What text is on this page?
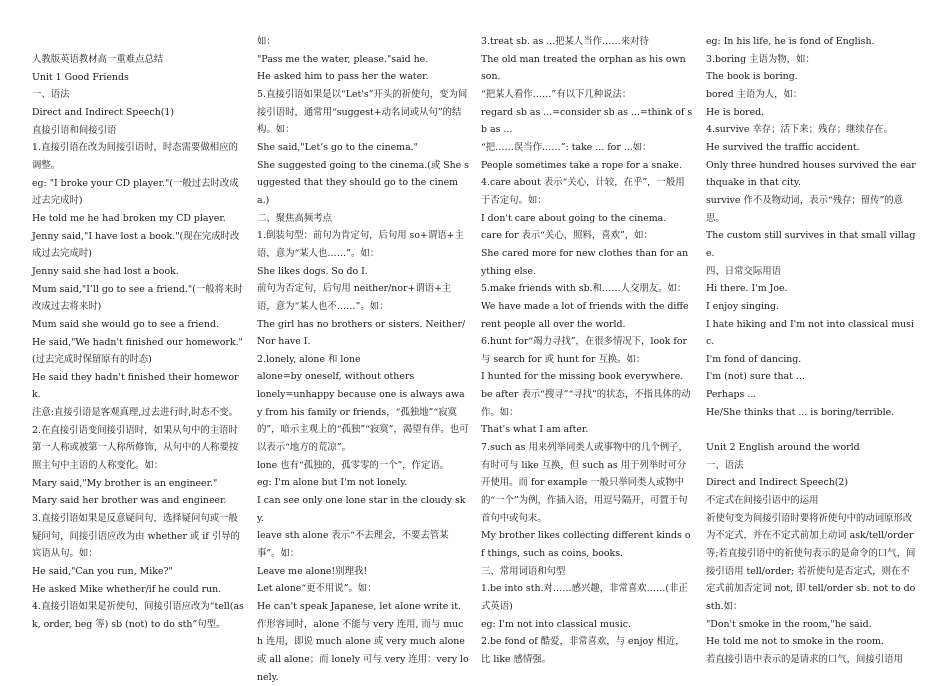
人教版英语教材高一重难点总结

Unit 1 Good Friends

一、语法

Direct and Indirect Speech(1)

直接引语和间接引语

1.直接引语在改为间接引语时，时态需要做相应的调整。

eg: "I broke your CD player."(一般过去时改成过去完成时)

He told me he had broken my CD player.

Jenny said,"I have lost a book."(现在完成时改成过去完成时)

Jenny said she had lost a book.

Mum said,"I’ll go to see a friend."(一般将来时改成过去将来时)

Mum said she would go to see a friend.

He said,"We hadn't finished our homework."(过去完成时保留原有的时态)

He said they hadn't finished their homework.

注意:直接引语是客观真理,过去进行时,时态不变。

2.在直接引语变间接引语时，如果从句中的主语时第一人称或被第一人称所修饰，从句中的人称要按照主句中主语的人称变化。如：

Mary said,"My brother is an engineer."

Mary said her brother was and engineer.

3.直接引语如果是反意疑问句，选择疑问句或一般疑问句，间接引语应改为由 whether 或 if 引导的宾语从句。如：

He said,"Can you run, Mike?"

He asked Mike whether/if he could run.

4.直接引语如果是祈使句，间接引语应改为“tell(ask, order, beg 等) sb (not) to do sth”句型。

如：

"Pass me the water, please."said he.

He asked him to pass her the water.

5.直接引语如果是以“Let's”开头的祈使句，变为间接引语时，通常用“suggest+动名词或从句”的结构。如：

She said,"Let’s go to the cinema."

She suggested going to the cinema.(或 She suggested that they should go to the cinema.)

二、聚焦高频考点

1.倒装句型：前句为肯定句，后句用 so+谓语+主语，意为“某人也……”。如：

She likes dogs. So do I.

前句为否定句，后句用 neither/nor+谓语+主语，意为“某人也不……”。如：

The girl has no brothers or sisters. Neither/Nor have I.

2.lonely, alone 和 lone

alone=by oneself, without others

lonely=unhappy because one is always away from his family or friends，“孤独地”“寂寞的”，暗示主观上的“孤独”“寂寞”，渴望有伴。也可以表示“地方的荒凉”。

lone 也有“孤独的，孤零零的一个”，作定语。

eg: I'm alone but I'm not lonely.

I can see only one lone star in the cloudy sky.

leave sth alone 表示“不去理会，不要去管某事”。如：

Leave me alone!别理我!

Let alone“更不用说”。如：

He can't speak Japanese, let alone write it.

作形容词时，alone 不能与 very 连用, 而与 much 连用，即说 much alone 或 very much alone 或 all alone；而 lonely 可与 very 连用：very lonely.

3.treat sb. as ...把某人当作……来对待

The old man treated the orphan as his own son.

“把某人看作……”有以下几种说法：

regard sb as ...=consider sb as ...=think of sb as ...

“把……误当作……”: take ... for ...如：

People sometimes take a rope for a snake.

4.care about 表示“关心，计较，在乎”，一般用于否定句。如：

I don't care about going to the cinema.

care for 表示“关心，照料，喜欢”，如：

She cared more for new clothes than for anything else.

5.make friends with sb.和……人交朋友。如：

We have made a lot of friends with the different people all over the world.

6.hunt for“竭力寻找”，在很多情况下，look for 与 search for 或 hunt for 互换。如：

I hunted for the missing book everywhere.

be after 表示“搜寻”“寻找”的状态，不指具体的动作。如：

That's what I am after.

7.such as 用来列举同类人或事物中的几个例子，有时可与 like 互换，但 such as 用于列举时可分开使用。而 for example 一般只举同类人或物中的“一个”为例，作插入语，用逗号隔开，可置于句首句中或句末。

My brother likes collecting different kinds of things, such as coins, books.

三、常用词语和句型

1.be into sth.对……感兴趣，非常喜欢……(非正式英语)

eg: I'm not into classical music.

2.be fond of 酷爱，非常喜欢，与 enjoy 相近，比 like 感情强。

eg: In his life, he is fond of English.

3.boring 主语为物，如：

The book is boring.

bored 主语为人，如：

He is bored.

4.survive 幸存；活下来；残存；继续存在。

He survived the traffic accident.

Only three hundred houses survived the earthquake in that city.

survive 作不及物动词，表示“残存；留传”的意思。

The custom still survives in that small village.

四、日常交际用语

Hi there. I'm Joe.

I enjoy singing.

I hate hiking and I'm not into classical music.

I'm fond of dancing.

I'm (not) sure that ...

Perhaps ...

He/She thinks that ... is boring/terrible.

Unit 2 English around the world

一、语法

Direct and Indirect Speech(2)

不定式在间接引语中的运用

祈使句变为间接引语时要将祈使句中的动词原形改为不定式，并在不定式前加上动词 ask/tell/order 等;若直接引语中的祈使句表示的是命令的口气，间接引语用 tell/order; 若祈使句是否定式，则在不定式前加否定词 not, 即 tell/order sb. not to do sth.如：

"Don't smoke in the room,"he said.

He told me not to smoke in the room.

若直接引语中表示的是请求的口气，间接引语用
